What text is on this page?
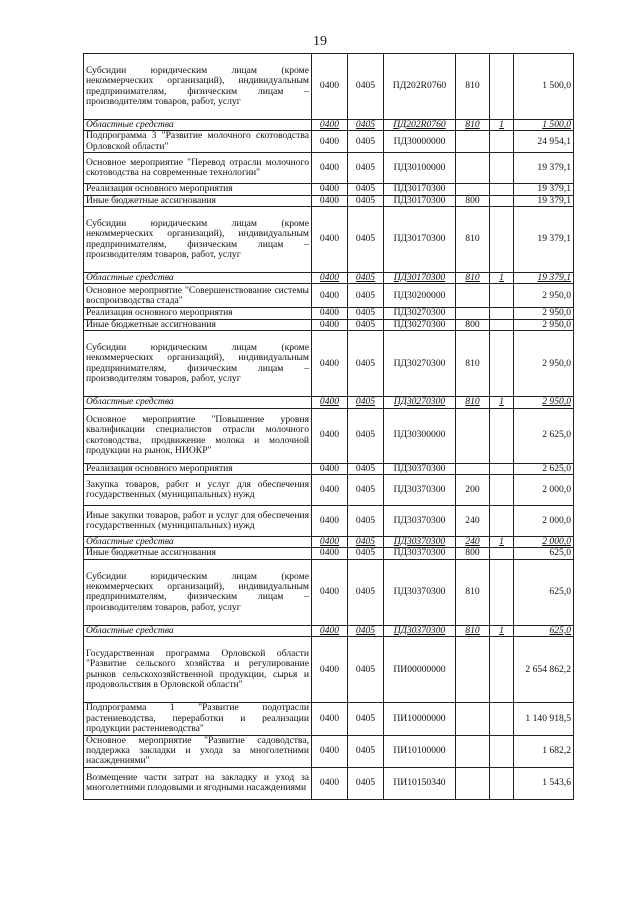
19
Субсидии юридическим лицам (кроме некоммерческих организаций), индивидуальным предпринимателям, физическим лицам – производителям товаров, работ, услуг	0400	0405	ПД202R0760	810		1 500,0
Областные средства	0400	0405	ПД202R0760	810	1	1 500,0
Подпрограмма 3 "Развитие молочного скотоводства Орловской области"	0400	0405	ПД30000000			24 954,1
Основное мероприятие "Перевод отрасли молочного скотоводства на современные технологии"	0400	0405	ПД30100000			19 379,1
Реализация основного мероприятия	0400	0405	ПД30170300			19 379,1
Иные бюджетные ассигнования	0400	0405	ПД30170300	800		19 379,1
Субсидии юридическим лицам (кроме некоммерческих организаций), индивидуальным предпринимателям, физическим лицам – производителям товаров, работ, услуг	0400	0405	ПД30170300	810		19 379,1
Областные средства	0400	0405	ПД30170300	810	1	19 379,1
Основное мероприятие "Совершенствование системы воспроизводства стада"	0400	0405	ПД30200000			2 950,0
Реализация основного мероприятия	0400	0405	ПД30270300			2 950,0
Иные бюджетные ассигнования	0400	0405	ПД30270300	800		2 950,0
Субсидии юридическим лицам (кроме некоммерческих организаций), индивидуальным предпринимателям, физическим лицам – производителям товаров, работ, услуг	0400	0405	ПД30270300	810		2 950,0
Областные средства	0400	0405	ПД30270300	810	1	2 950,0
Основное мероприятие "Повышение уровня квалификации специалистов отрасли молочного скотоводства, продвижение молока и молочной продукции на рынок, НИОКР"	0400	0405	ПД30300000			2 625,0
Реализация основного мероприятия	0400	0405	ПД30370300			2 625,0
Закупка товаров, работ и услуг для обеспечения государственных (муниципальных) нужд	0400	0405	ПД30370300	200		2 000,0
Иные закупки товаров, работ и услуг для обеспечения государственных (муниципальных) нужд	0400	0405	ПД30370300	240		2 000,0
Областные средства	0400	0405	ПД30370300	240	1	2 000,0
Иные бюджетные ассигнования	0400	0405	ПД30370300	800		625,0
Субсидии юридическим лицам (кроме некоммерческих организаций), индивидуальным предпринимателям, физическим лицам – производителям товаров, работ, услуг	0400	0405	ПД30370300	810		625,0
Областные средства	0400	0405	ПД30370300	810	1	625,0
Государственная программа Орловской области "Развитие сельского хозяйства и регулирование рынков сельскохозяйственной продукции, сырья и продовольствия в Орловской области"	0400	0405	ПИ00000000			2 654 862,2
Подпрограмма 1 "Развитие подотрасли растениеводства, переработки и реализации продукции растениеводства"	0400	0405	ПИ10000000			1 140 918,5
Основное мероприятие "Развитие садоводства, поддержка закладки и ухода за многолетними насаждениями"	0400	0405	ПИ10100000			1 682,2
Возмещение части затрат на закладку и уход за многолетними плодовыми и ягодными насаждениями	0400	0405	ПИ10150340			1 543,6
